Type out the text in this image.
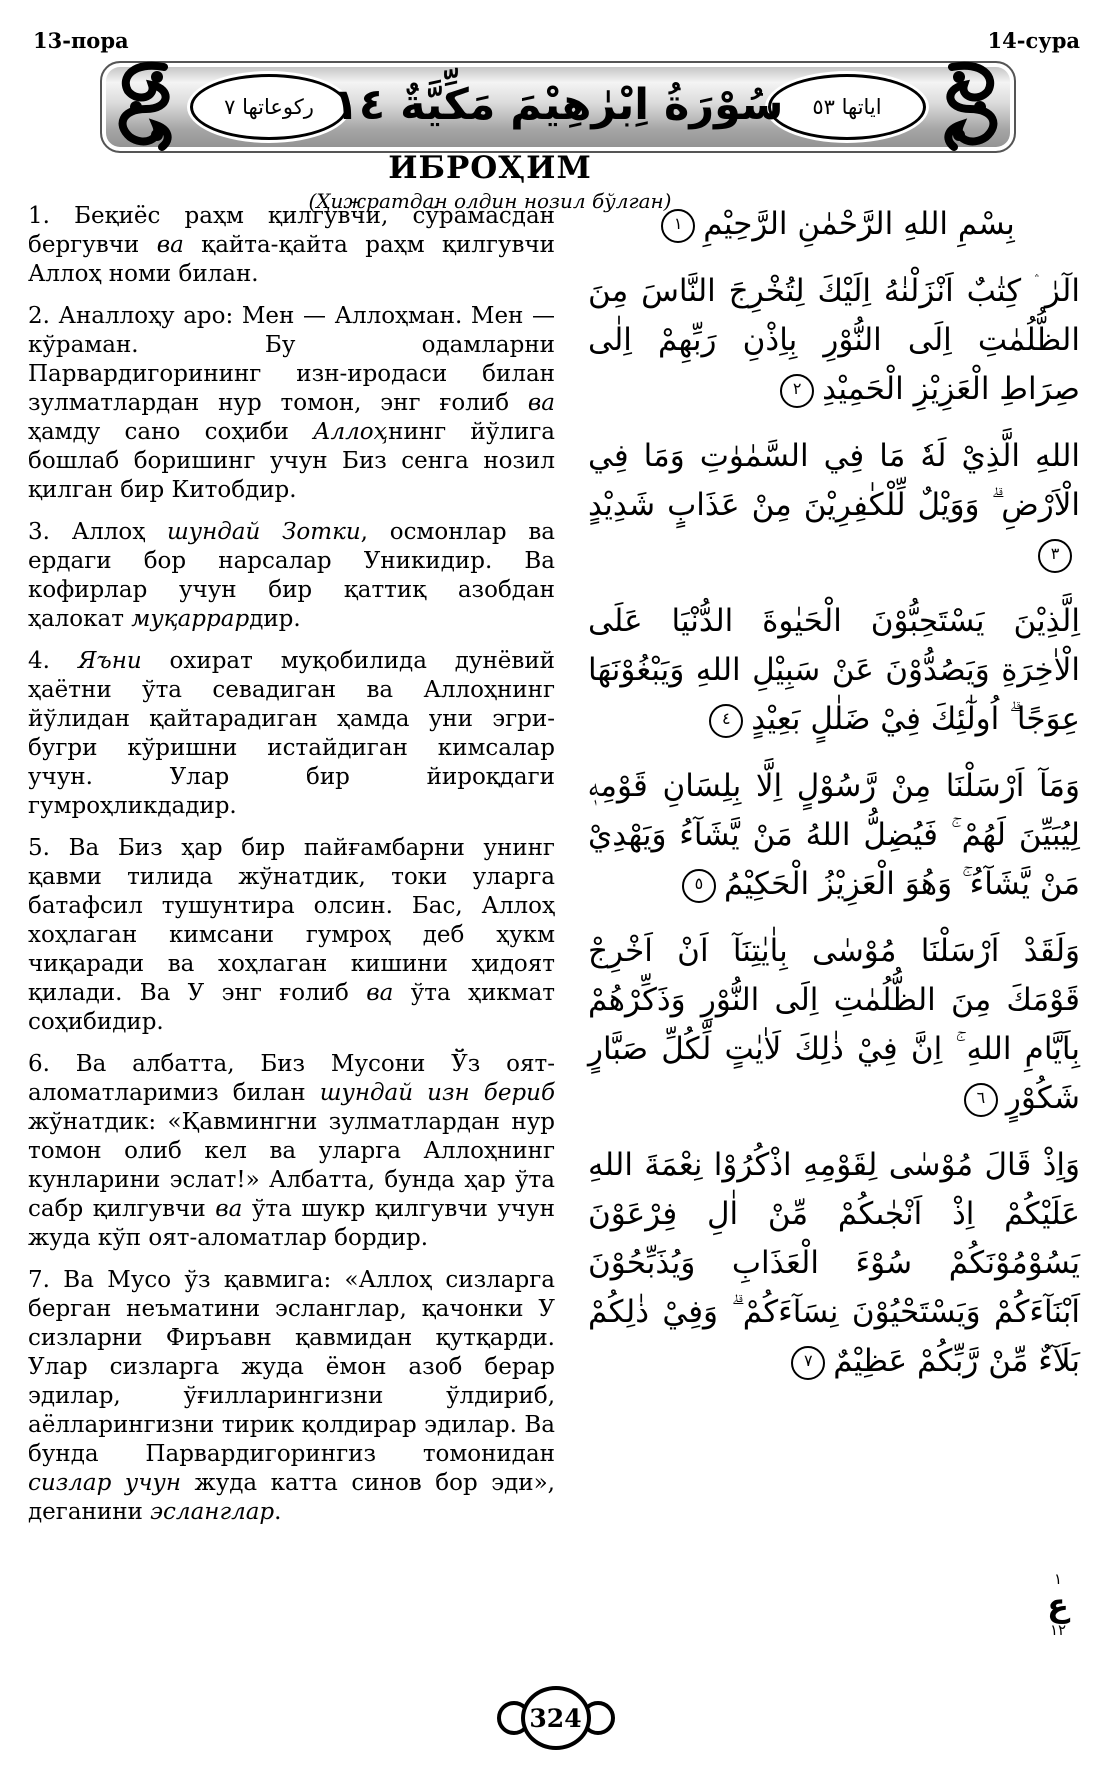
13-пора	14-сура
ركوعاتها ٧	اياتها ٥٣
سُوْرَةُ اِبْرٰهِيْمَ مَكِّيَّةٌ ١٤
ИБРОҲИМ
(Ҳижратдан олдин нозил бўлган)

1. Беқиёс раҳм қилгувчи, сўрамасдан бергувчи ва қайта-қайта раҳм қилгувчи Аллоҳ номи билан.

2. Аналлоҳу аро: Мен — Аллоҳман. Мен — кўраман. Бу одамларни Парвардигорининг изн-иродаси билан зулматлардан нур томон, энг ғолиб ва ҳамду сано соҳиби Аллоҳнинг йўлига бошлаб боришинг учун Биз сенга нозил қилган бир Китобдир.

3. Аллоҳ шундай Зотки, осмонлар ва ердаги бор нарсалар Уникидир. Ва кофирлар учун бир қаттиқ азобдан ҳалокат муқаррардир.

4. Яъни охират муқобилида дунёвий ҳаётни ўта севадиган ва Аллоҳнинг йўлидан қайтарадиган ҳамда уни эгри-бугри кўришни истайдиган кимсалар учун. Улар бир йироқдаги гумроҳликдадир.

5. Ва Биз ҳар бир пайғамбарни унинг қавми тилида жўнатдик, токи уларга батафсил тушунтира олсин. Бас, Аллоҳ хоҳлаган кимсани гумроҳ деб ҳукм чиқаради ва хоҳлаган кишини ҳидоят қилади. Ва У энг ғолиб ва ўта ҳикмат соҳибидир.

6. Ва албатта, Биз Мусони Ўз оят-аломатларимиз билан шундай изн бериб жўнатдик: «Қавмингни зулматлардан нур томон олиб кел ва уларга Аллоҳнинг кунларини эслат!» Албатта, бунда ҳар ўта сабр қилгувчи ва ўта шукр қилгувчи учун жуда кўп оят-аломатлар бордир.

7. Ва Мусо ўз қавмига: «Аллоҳ сизларга берган неъматини эсланглар, қачонки У сизларни Фиръавн қавмидан қутқарди. Улар сизларга жуда ёмон азоб берар эдилар, ўғилларингизни ўлдириб, аёлларингизни тирик қолдирар эдилар. Ва бунда Парвардигорингиз томонидан сизлар учун жуда катта синов бор эди», деганини эсланглар.

بِسْمِ اللهِ الرَّحْمٰنِ الرَّحِيْمِ١
الٓرٰ ۛ كِتٰبٌ اَنْزَلْنٰهُ اِلَيْكَ لِتُخْرِجَ النَّاسَ مِنَ الظُّلُمٰتِ اِلَى النُّوْرِ بِاِذْنِ رَبِّهِمْ اِلٰى صِرَاطِ الْعَزِيْزِ الْحَمِيْدِ٢
اللهِ الَّذِيْ لَهٗ مَا فِي السَّمٰوٰتِ وَمَا فِي الْاَرْضِ ۗ وَوَيْلٌ لِّلْكٰفِرِيْنَ مِنْ عَذَابٍ شَدِيْدٍ٣
اِلَّذِيْنَ يَسْتَحِبُّوْنَ الْحَيٰوةَ الدُّنْيَا عَلَى الْاٰخِرَةِ وَيَصُدُّوْنَ عَنْ سَبِيْلِ اللهِ وَيَبْغُوْنَهَا عِوَجًا ۗ اُولٰٓئِكَ فِيْ ضَلٰلٍ بَعِيْدٍ٤
وَمَآ اَرْسَلْنَا مِنْ رَّسُوْلٍ اِلَّا بِلِسَانِ قَوْمِهٖ لِيُبَيِّنَ لَهُمْ ۚ فَيُضِلُّ اللهُ مَنْ يَّشَآءُ وَيَهْدِيْ مَنْ يَّشَآءُ ۚ وَهُوَ الْعَزِيْزُ الْحَكِيْمُ٥
وَلَقَدْ اَرْسَلْنَا مُوْسٰى بِاٰيٰتِنَآ اَنْ اَخْرِجْ قَوْمَكَ مِنَ الظُّلُمٰتِ اِلَى النُّوْرِ وَذَكِّرْهُمْ بِاَيَّامِ اللهِ ۚ اِنَّ فِيْ ذٰلِكَ لَاٰيٰتٍ لِّكُلِّ صَبَّارٍ شَكُوْرٍ٦
وَاِذْ قَالَ مُوْسٰى لِقَوْمِهِ اذْكُرُوْا نِعْمَةَ اللهِ عَلَيْكُمْ اِذْ اَنْجٰىكُمْ مِّنْ اٰلِ فِرْعَوْنَ يَسُوْمُوْنَكُمْ سُوْءَ الْعَذَابِ وَيُذَبِّحُوْنَ اَبْنَآءَكُمْ وَيَسْتَحْيُوْنَ نِسَآءَكُمْ ۗ وَفِيْ ذٰلِكُمْ بَلَآءٌ مِّنْ رَّبِّكُمْ عَظِيْمٌ٧
١
ع
١٢
324
